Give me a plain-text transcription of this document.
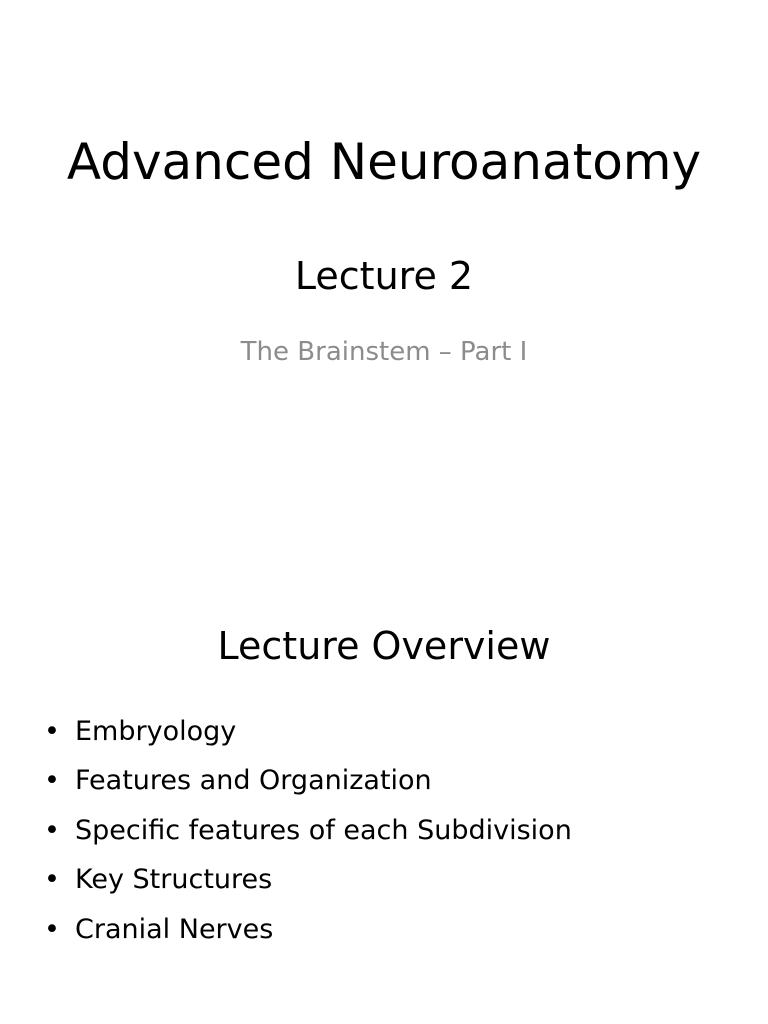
Advanced Neuroanatomy
Lecture 2
The Brainstem – Part I
Lecture Overview
• Embryology
• Features and Organization
• Specific features of each Subdivision
• Key Structures
• Cranial Nerves
